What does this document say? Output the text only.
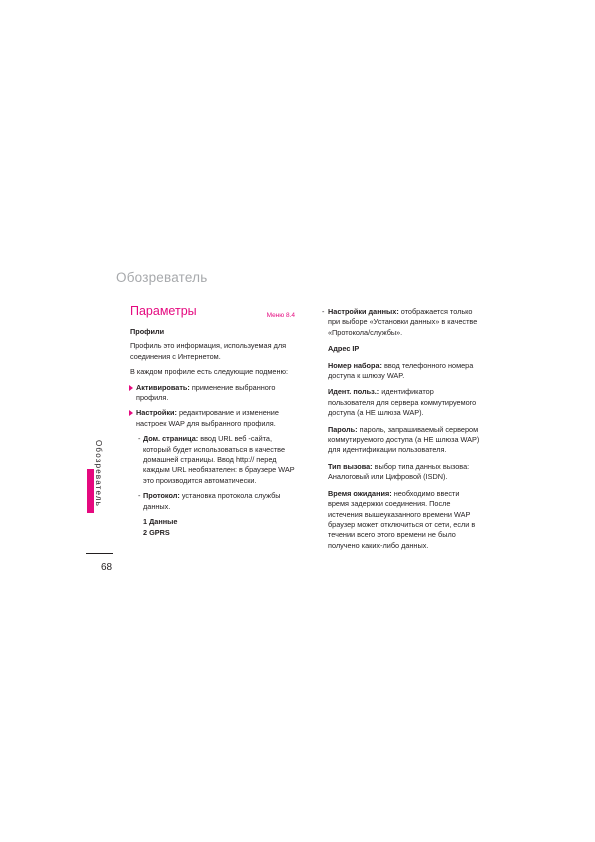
Обозреватель
Обозреватель
68
Параметры	Меню 8.4
Профили

Профиль это информация, используемая для соединения с Интернетом.

В каждом профиле есть следующие подменю:

Активировать: применение выбранного профиля.
Настройки: редактирование и изменение настроек WAP для выбранного профиля.
- Дом. страница: ввод URL веб -сайта, который будет использоваться в качестве домашней страницы. Ввод http:// перед каждым URL необязателен: в браузере WAP это производится автоматически.
- Протокол: установка протокола службы данных.
1 Данные
2 GPRS
- Настройки данных: отображается только при выборе «Установки данных» в качестве «Протокола/службы».
Адрес IP
Номер набора: ввод телефонного номера доступа к шлюзу WAP.
Идент. польз.: идентификатор пользователя для сервера коммутируемого доступа (а НЕ шлюза WAP).
Пароль: пароль, запрашиваемый сервером коммутируемого доступа (а НЕ шлюза WAP) для идентификации пользователя.
Тип вызова: выбор типа данных вызова: Аналоговый или Цифровой (ISDN).
Время ожидания: необходимо ввести время задержки соединения. После истечения вышеуказанного времени WAP браузер может отключиться от сети, если в течении всего этого времени не было получено каких-либо данных.
